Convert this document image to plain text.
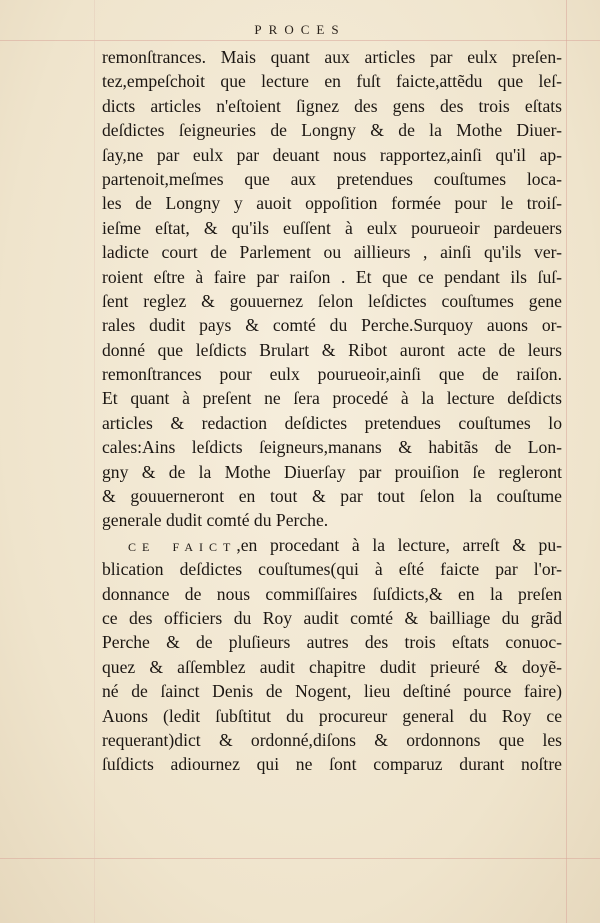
PROCES
remonſtrances. Mais quant aux articles par eulx preſen-
tez,empeſchoit que lecture en fuſt faicte,attẽdu que leſ-
dicts articles n'eſtoient ſignez des gens des trois eſtats
deſdictes ſeigneuries de Longny & de la Mothe Diuer-
ſay,ne par eulx par deuant nous rapportez,ainſi qu'il ap-
partenoit,meſmes que aux pretendues couſtumes loca-
les de Longny y auoit oppoſition formée pour le troiſ-
ieſme eſtat, & qu'ils euſſent à eulx pourueoir pardeuers
ladicte court de Parlement ou aillieurs , ainſi qu'ils ver-
roient eſtre à faire par raiſon . Et que ce pendant ils ſuſ-
ſent reglez & gouuernez ſelon leſdictes couſtumes gene
rales dudit pays & comté du Perche.Surquoy auons or-
donné que leſdicts Brulart & Ribot auront acte de leurs
remonſtrances pour eulx pourueoir,ainſi que de raiſon.
Et quant à preſent ne ſera procedé à la lecture deſdicts
articles & redaction deſdictes pretendues couſtumes lo
cales:Ains leſdicts ſeigneurs,manans & habitãs de Lon-
gny & de la Mothe Diuerſay par prouiſion ſe regleront
& gouuerneront en tout & par tout ſelon la couſtume
generale dudit comté du Perche.
CE FAICT,en procedant à la lecture, arreſt & pu-
blication deſdictes couſtumes(qui à eſté faicte par l'or-
donnance de nous commiſſaires ſuſdicts,& en la preſen
ce des officiers du Roy audit comté & bailliage du grãd
Perche & de pluſieurs autres des trois eſtats conuoc-
quez & aſſemblez audit chapitre dudit prieuré & doyẽ-
né de ſainct Denis de Nogent, lieu deſtiné pource faire)
Auons (ledit ſubſtitut du procureur general du Roy ce
requerant)dict & ordonné,diſons & ordonnons que les
ſuſdicts adiournez qui ne ſont comparuz durant noſtre
